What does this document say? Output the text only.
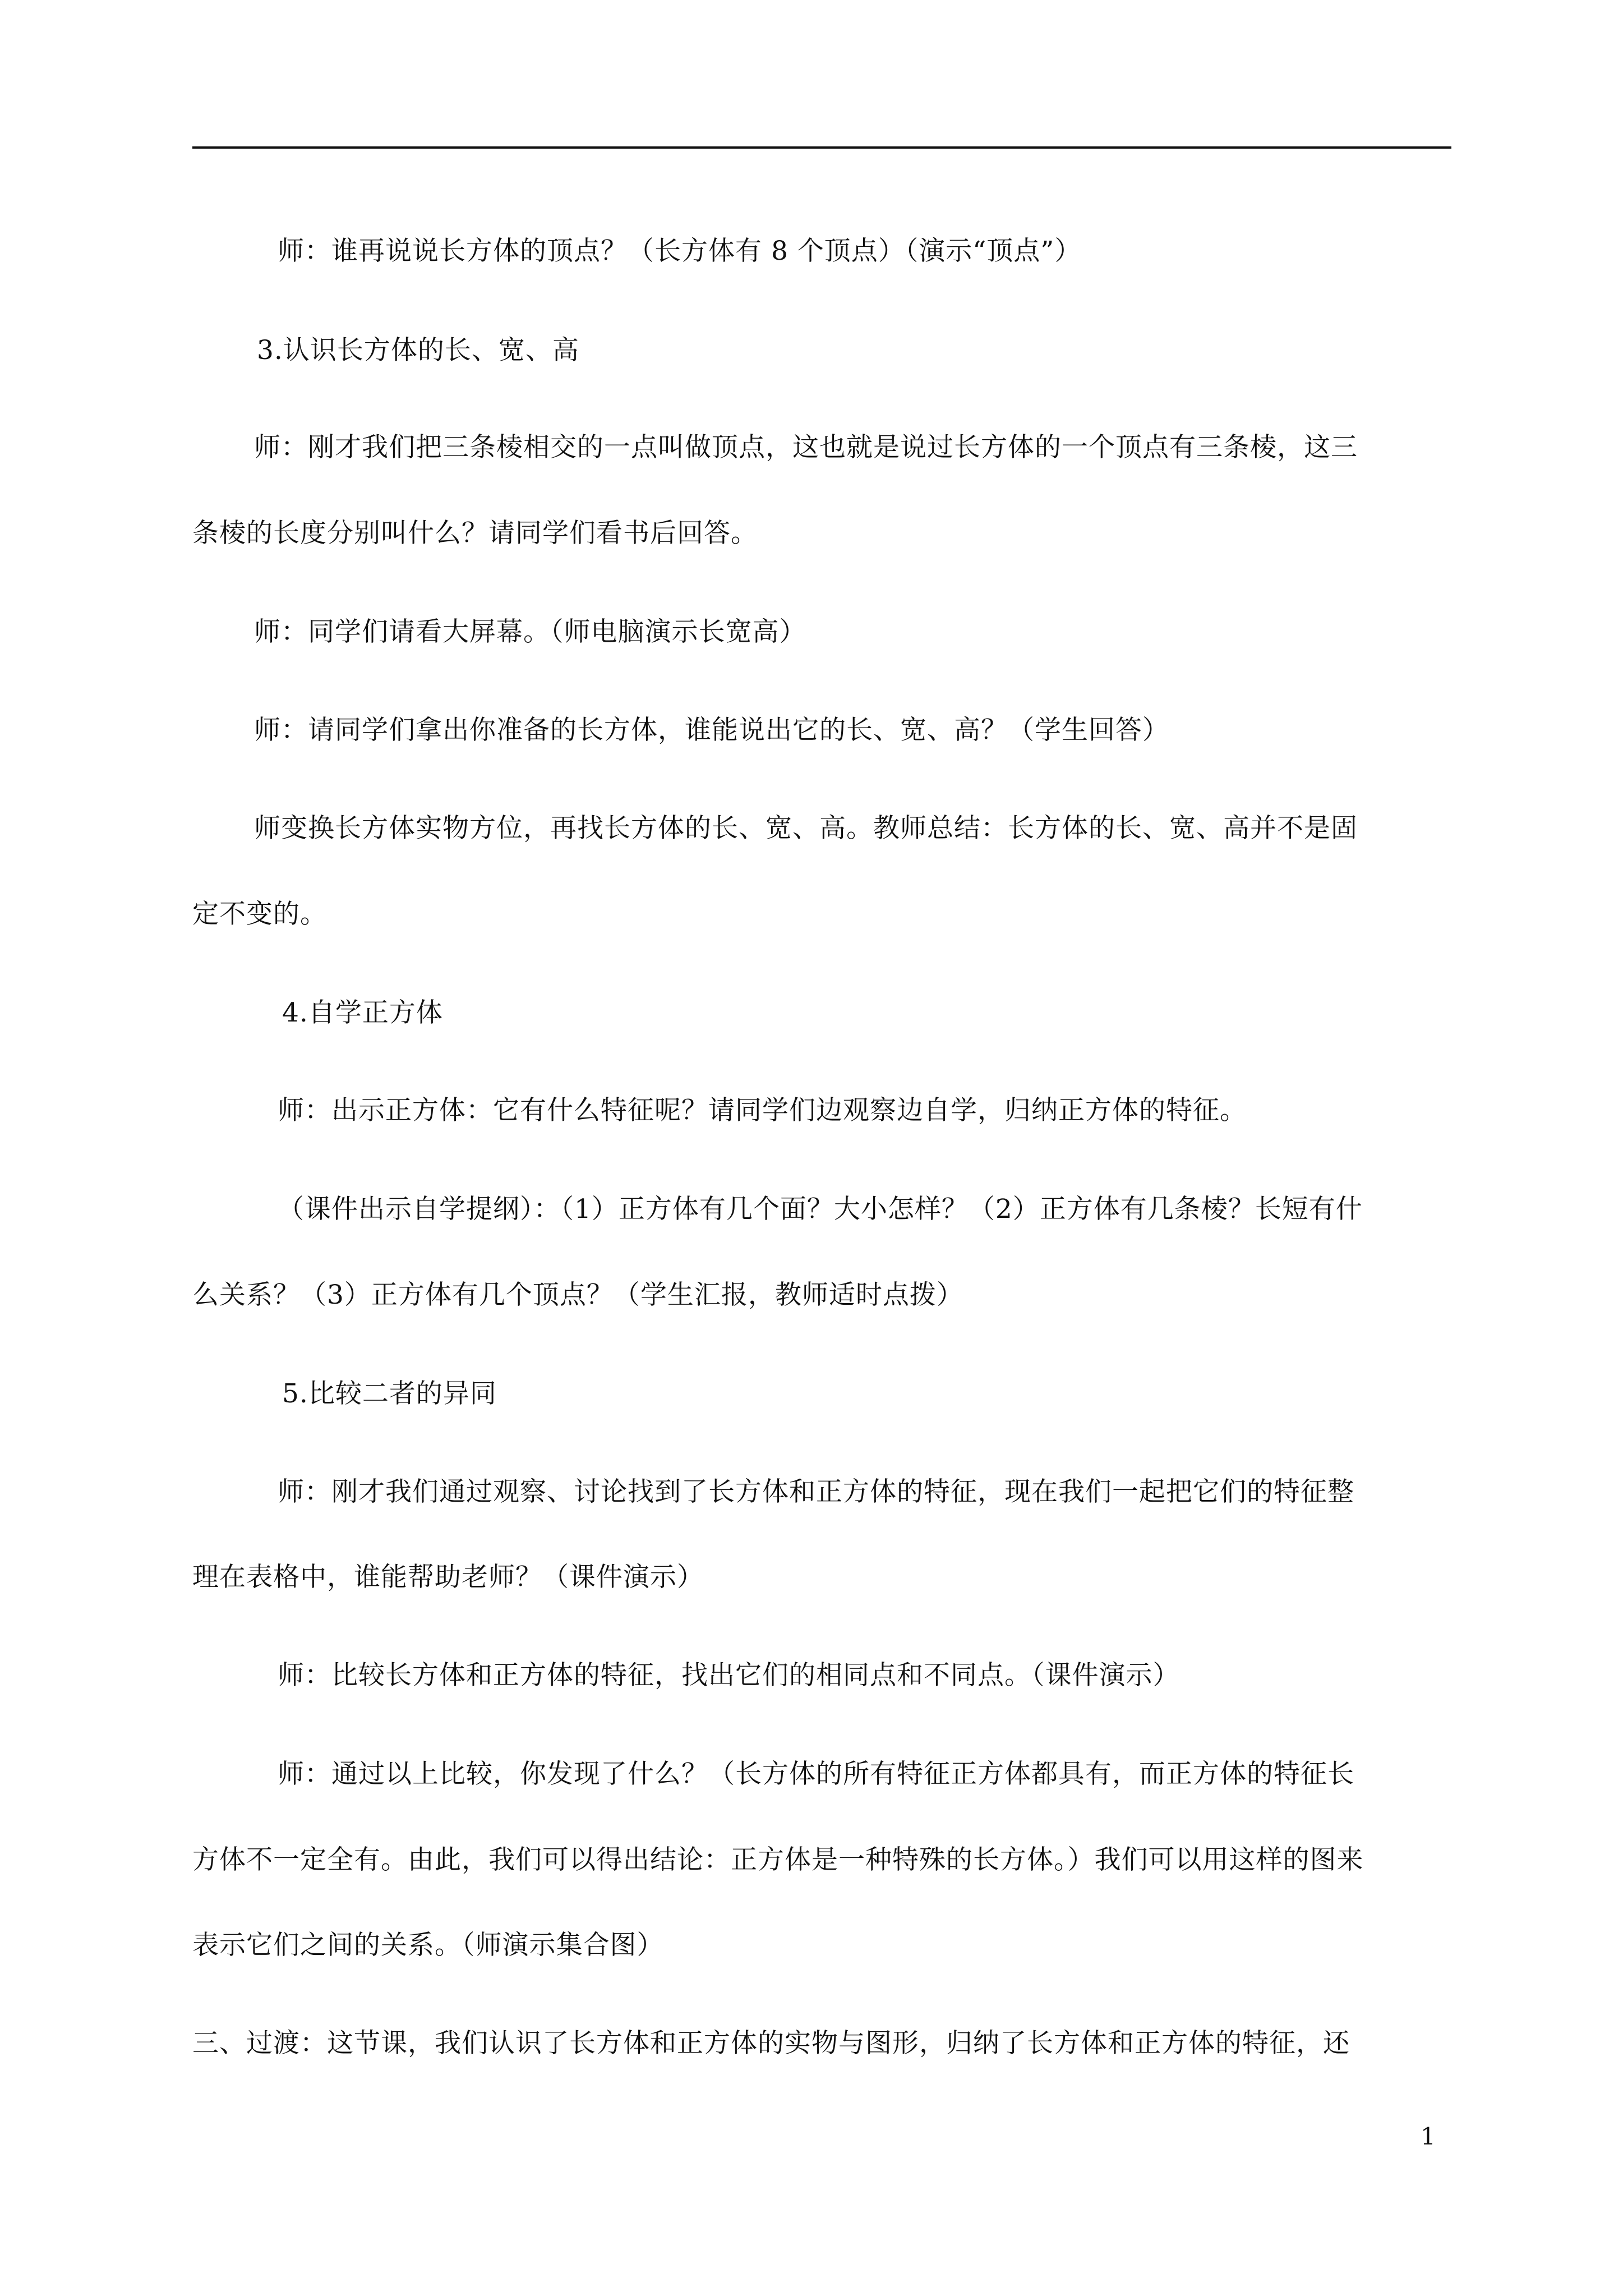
师：谁再说说长方体的顶点？（长方体有 8 个顶点）（演示“顶点”）
3.认识长方体的长、宽、高
师：刚才我们把三条棱相交的一点叫做顶点，这也就是说过长方体的一个顶点有三条棱，这三
条棱的长度分别叫什么？请同学们看书后回答。
师：同学们请看大屏幕。（师电脑演示长宽高）
师：请同学们拿出你准备的长方体，谁能说出它的长、宽、高？（学生回答）
师变换长方体实物方位，再找长方体的长、宽、高。教师总结：长方体的长、宽、高并不是固
定不变的。
4.自学正方体
师：出示正方体：它有什么特征呢？请同学们边观察边自学，归纳正方体的特征。
（课件出示自学提纲）：（1）正方体有几个面？大小怎样？（2）正方体有几条棱？长短有什
么关系？（3）正方体有几个顶点？（学生汇报，教师适时点拨）
5.比较二者的异同
师：刚才我们通过观察、讨论找到了长方体和正方体的特征，现在我们一起把它们的特征整
理在表格中，谁能帮助老师？（课件演示）
师：比较长方体和正方体的特征，找出它们的相同点和不同点。（课件演示）
师：通过以上比较，你发现了什么？（长方体的所有特征正方体都具有，而正方体的特征长
方体不一定全有。由此，我们可以得出结论：正方体是一种特殊的长方体。）我们可以用这样的图来
表示它们之间的关系。（师演示集合图）
三、过渡：这节课，我们认识了长方体和正方体的实物与图形，归纳了长方体和正方体的特征，还
1
